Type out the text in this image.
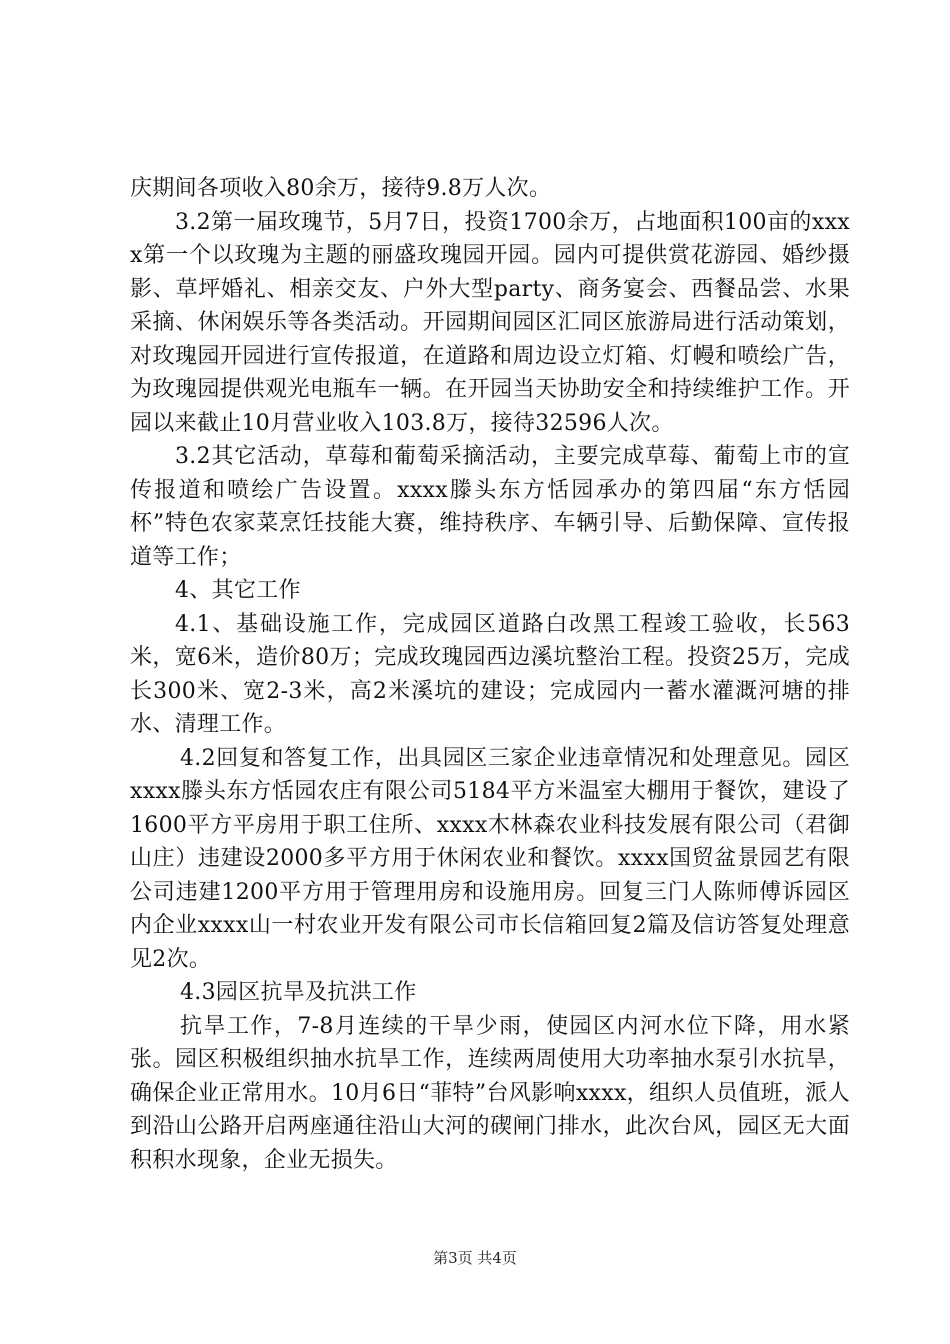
庆期间各项收入80余万，接待9.8万人次。

3.2第一届玫瑰节，5月7日，投资1700余万，占地面积100亩的xxxx第一个以玫瑰为主题的丽盛玫瑰园开园。园内可提供赏花游园、婚纱摄影、草坪婚礼、相亲交友、户外大型party、商务宴会、西餐品尝、水果采摘、休闲娱乐等各类活动。开园期间园区汇同区旅游局进行活动策划，对玫瑰园开园进行宣传报道，在道路和周边设立灯箱、灯幔和喷绘广告，为玫瑰园提供观光电瓶车一辆。在开园当天协助安全和持续维护工作。开园以来截止10月营业收入103.8万，接待32596人次。

3.2其它活动，草莓和葡萄采摘活动，主要完成草莓、葡萄上市的宣传报道和喷绘广告设置。xxxx滕头东方恬园承办的第四届“东方恬园杯”特色农家菜烹饪技能大赛，维持秩序、车辆引导、后勤保障、宣传报道等工作；

4、其它工作

4.1、基础设施工作，完成园区道路白改黑工程竣工验收，长563米，宽6米，造价80万；完成玫瑰园西边溪坑整治工程。投资25万，完成长300米、宽2-3米，高2米溪坑的建设；完成园内一蓄水灌溉河塘的排水、清理工作。

4.2回复和答复工作，出具园区三家企业违章情况和处理意见。园区xxxx滕头东方恬园农庄有限公司5184平方米温室大棚用于餐饮，建设了1600平方平房用于职工住所、xxxx木林森农业科技发展有限公司（君御山庄）违建设2000多平方用于休闲农业和餐饮。xxxx国贸盆景园艺有限公司违建1200平方用于管理用房和设施用房。回复三门人陈师傅诉园区内企业xxxx山一村农业开发有限公司市长信箱回复2篇及信访答复处理意见2次。

4.3园区抗旱及抗洪工作

抗旱工作，7-8月连续的干旱少雨，使园区内河水位下降，用水紧张。园区积极组织抽水抗旱工作，连续两周使用大功率抽水泵引水抗旱，确保企业正常用水。10月6日“菲特”台风影响xxxx，组织人员值班，派人到沿山公路开启两座通往沿山大河的碶闸门排水，此次台风，园区无大面积积水现象，企业无损失。

第3页 共4页
